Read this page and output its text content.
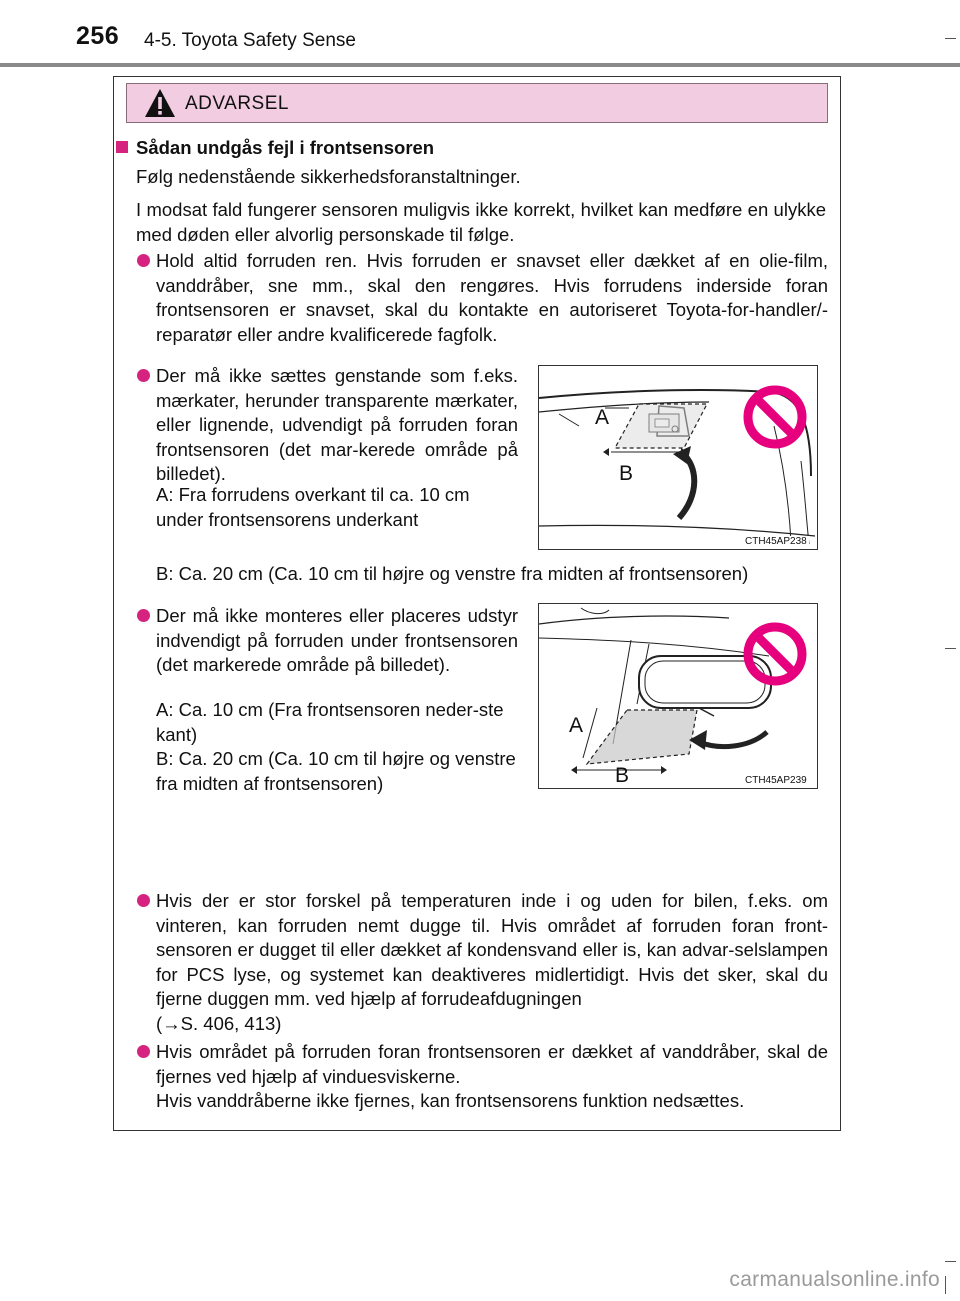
256 4-5. Toyota Safety Sense
ADVARSEL
Sådan undgås fejl i frontsensoren
Følg nedenstående sikkerhedsforanstaltninger.
I modsat fald fungerer sensoren muligvis ikke korrekt, hvilket kan medføre en ulykke med døden eller alvorlig personskade til følge.
Hold altid forruden ren. Hvis forruden er snavset eller dækket af en olie-film, vanddråber, sne mm., skal den rengøres. Hvis forrudens inderside foran frontsensoren er snavset, skal du kontakte en autoriseret Toyota-for-handler/-reparatør eller andre kvalificerede fagfolk.
Der må ikke sættes genstande som f.eks. mærkater, herunder transparente mærkater, eller lignende, udvendigt på forruden foran frontsensoren (det mar-kerede område på billedet).
A: Fra forrudens overkant til ca. 10 cm under frontsensorens underkant
B: Ca. 20 cm (Ca. 10 cm til højre og venstre fra midten af frontsensoren)
A
B
CTH45AP238
Der må ikke monteres eller placeres udstyr indvendigt på forruden under frontsensoren (det markerede område på billedet).
A: Ca. 10 cm (Fra frontsensoren neder-ste kant)
B: Ca. 20 cm (Ca. 10 cm til højre og venstre fra midten af frontsensoren)
A
B	CTH45AP239
Hvis der er stor forskel på temperaturen inde i og uden for bilen, f.eks. om vinteren, kan forruden nemt dugge til. Hvis området af forruden foran front-sensoren er dugget til eller dækket af kondensvand eller is, kan advar-selslampen for PCS lyse, og systemet kan deaktiveres midlertidigt. Hvis det sker, skal du fjerne duggen mm. ved hjælp af forrudeafdugningen
(→S. 406, 413)
Hvis området på forruden foran frontsensoren er dækket af vanddråber, skal de fjernes ved hjælp af vinduesviskerne.
Hvis vanddråberne ikke fjernes, kan frontsensorens funktion nedsættes.
carmanualsonline.info
